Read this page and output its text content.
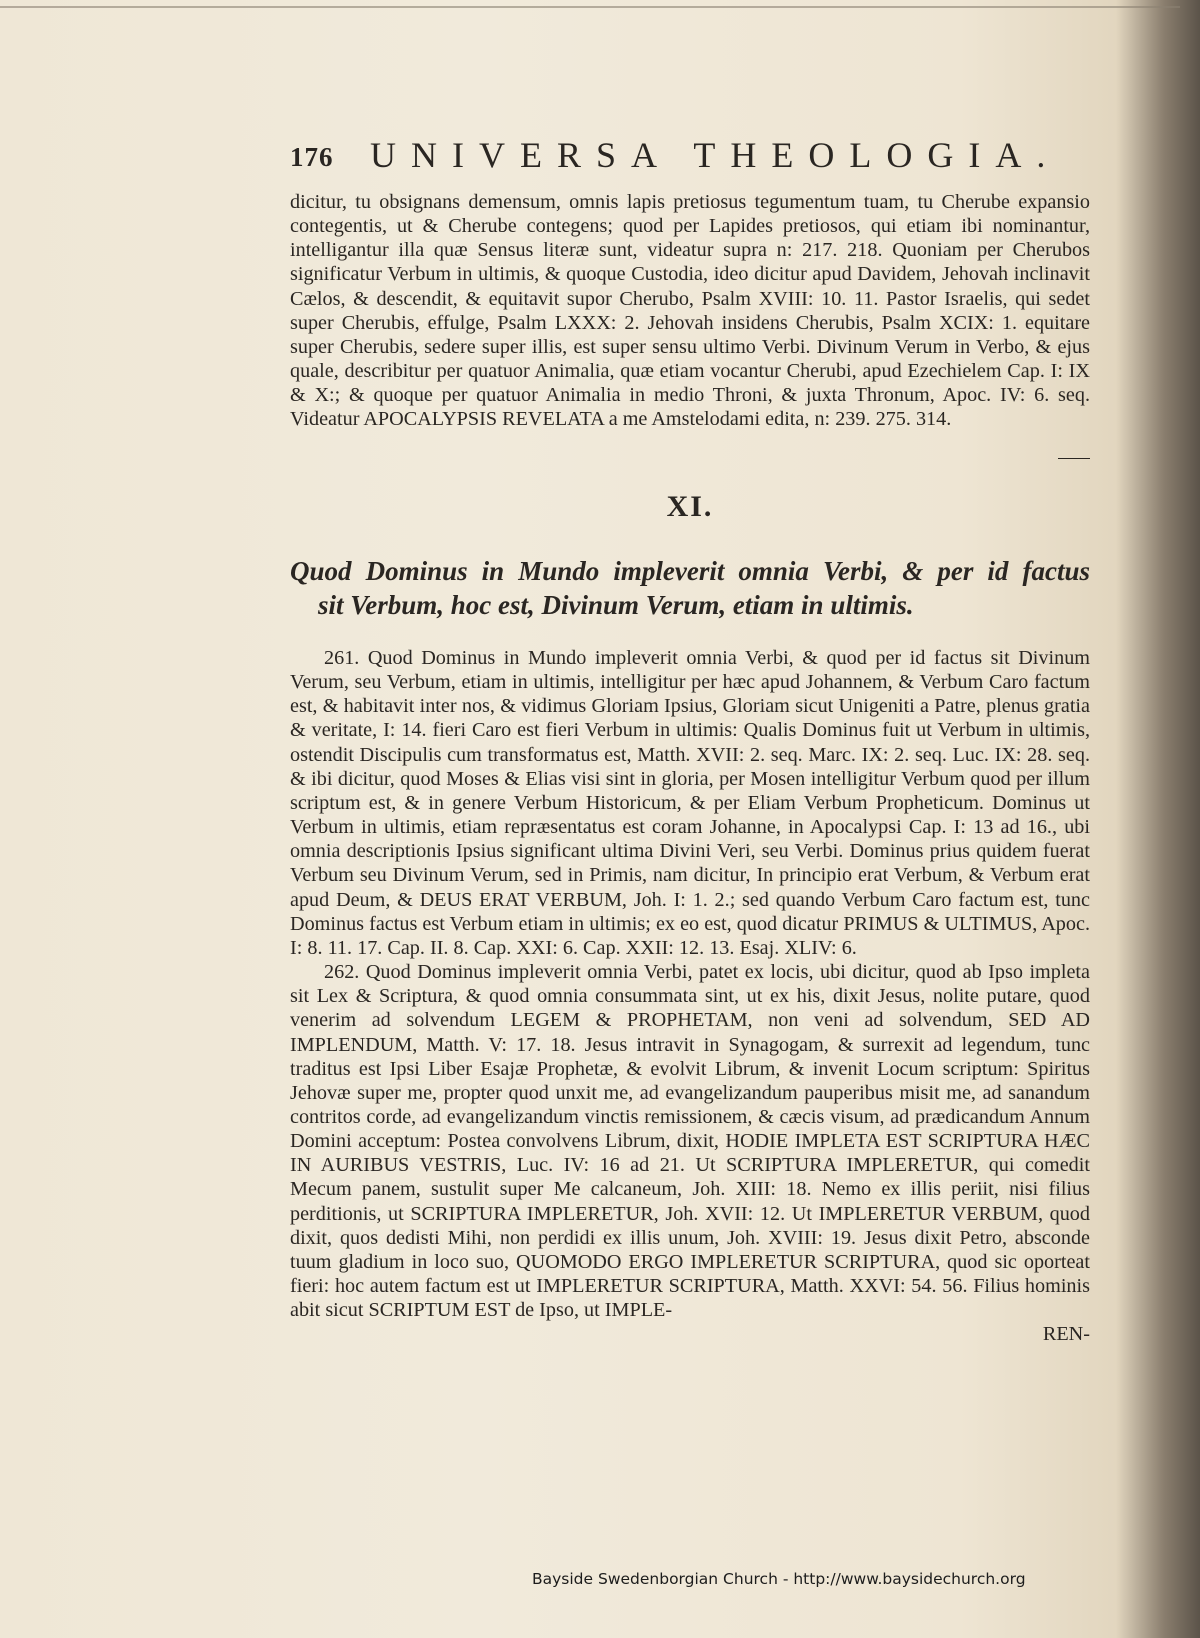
176 UNIVERSA THEOLOGIA.

dicitur, tu obsignans demensum, omnis lapis pretiosus tegumentum tuam, tu Cherube expansio contegentis, ut & Cherube contegens; quod per Lapides pretiosos, qui etiam ibi nominantur, intelligantur illa quæ Sensus literæ sunt, videatur supra n: 217. 218. Quoniam per Cherubos significatur Verbum in ultimis, & quoque Custodia, ideo dicitur apud Davidem, Jehovah inclinavit Cælos, & descendit, & equitavit supor Cherubo, Psalm XVIII: 10. 11. Pastor Israelis, qui sedet super Cherubis, effulge, Psalm LXXX: 2. Jehovah insidens Cherubis, Psalm XCIX: 1. equitare super Cherubis, sedere super illis, est super sensu ultimo Verbi. Divinum Verum in Verbo, & ejus quale, describitur per quatuor Animalia, quæ etiam vocantur Cherubi, apud Ezechielem Cap. I: IX & X:; & quoque per quatuor Animalia in medio Throni, & juxta Thronum, Apoc. IV: 6. seq. Videatur APOCALYPSIS REVELATA a me Amstelodami edita, n: 239. 275. 314.

XI.
Quod Dominus in Mundo impleverit omnia Verbi, & per id factus
sit Verbum, hoc est, Divinum Verum, etiam in ultimis.

261. Quod Dominus in Mundo impleverit omnia Verbi, & quod per id factus sit Divinum Verum, seu Verbum, etiam in ultimis, intelligitur per hæc apud Johannem, & Verbum Caro factum est, & habitavit inter nos, & vidimus Gloriam Ipsius, Gloriam sicut Unigeniti a Patre, plenus gratia & veritate, I: 14. fieri Caro est fieri Verbum in ultimis: Qualis Dominus fuit ut Verbum in ultimis, ostendit Discipulis cum transformatus est, Matth. XVII: 2. seq. Marc. IX: 2. seq. Luc. IX: 28. seq. & ibi dicitur, quod Moses & Elias visi sint in gloria, per Mosen intelligitur Verbum quod per illum scriptum est, & in genere Verbum Historicum, & per Eliam Verbum Propheticum. Dominus ut Verbum in ultimis, etiam repræsentatus est coram Johanne, in Apocalypsi Cap. I: 13 ad 16., ubi omnia descriptionis Ipsius significant ultima Divini Veri, seu Verbi. Dominus prius quidem fuerat Verbum seu Divinum Verum, sed in Primis, nam dicitur, In principio erat Verbum, & Verbum erat apud Deum, & DEUS ERAT VERBUM, Joh. I: 1. 2.; sed quando Verbum Caro factum est, tunc Dominus factus est Verbum etiam in ultimis; ex eo est, quod dicatur PRIMUS & ULTIMUS, Apoc. I: 8. 11. 17. Cap. II. 8. Cap. XXI: 6. Cap. XXII: 12. 13. Esaj. XLIV: 6.

262. Quod Dominus impleverit omnia Verbi, patet ex locis, ubi dicitur, quod ab Ipso impleta sit Lex & Scriptura, & quod omnia consummata sint, ut ex his, dixit Jesus, nolite putare, quod venerim ad solvendum LEGEM & PROPHETAM, non veni ad solvendum, SED AD IMPLENDUM, Matth. V: 17. 18. Jesus intravit in Synagogam, & surrexit ad legendum, tunc traditus est Ipsi Liber Esajæ Prophetæ, & evolvit Librum, & invenit Locum scriptum: Spiritus Jehovæ super me, propter quod unxit me, ad evangelizandum pauperibus misit me, ad sanandum contritos corde, ad evangelizandum vinctis remissionem, & cæcis visum, ad prædicandum Annum Domini acceptum: Postea convolvens Librum, dixit, HODIE IMPLETA EST SCRIPTURA HÆC IN AURIBUS VESTRIS, Luc. IV: 16 ad 21. Ut SCRIPTURA IMPLERETUR, qui comedit Mecum panem, sustulit super Me calcaneum, Joh. XIII: 18. Nemo ex illis periit, nisi filius perditionis, ut SCRIPTURA IMPLERETUR, Joh. XVII: 12. Ut IMPLERETUR VERBUM, quod dixit, quos dedisti Mihi, non perdidi ex illis unum, Joh. XVIII: 19. Jesus dixit Petro, absconde tuum gladium in loco suo, QUOMODO ERGO IMPLERETUR SCRIPTURA, quod sic oporteat fieri: hoc autem factum est ut IMPLERETUR SCRIPTURA, Matth. XXVI: 54. 56. Filius hominis abit sicut SCRIPTUM EST de Ipso, ut IMPLE-

REN-

Bayside Swedenborgian Church - http://www.baysidechurch.org
